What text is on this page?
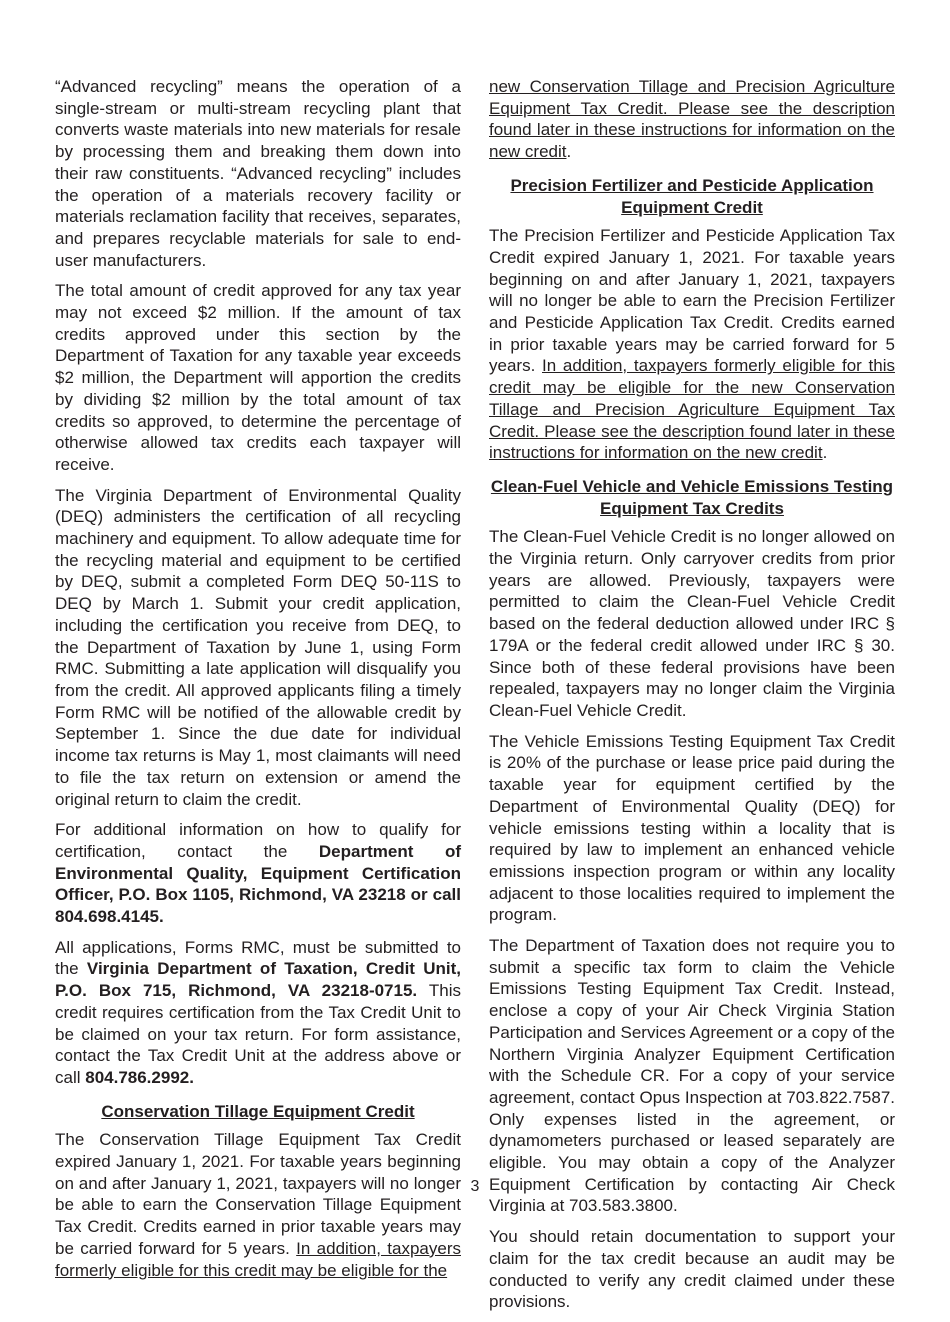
“Advanced recycling” means the operation of a single-stream or multi-stream recycling plant that converts waste materials into new materials for resale by processing them and breaking them down into their raw constituents. “Advanced recycling” includes the operation of a materials recovery facility or materials reclamation facility that receives, separates, and prepares recyclable materials for sale to end-user manufacturers.
The total amount of credit approved for any tax year may not exceed $2 million. If the amount of tax credits approved under this section by the Department of Taxation for any taxable year exceeds $2 million, the Department will apportion the credits by dividing $2 million by the total amount of tax credits so approved, to determine the percentage of otherwise allowed tax credits each taxpayer will receive.
The Virginia Department of Environmental Quality (DEQ) administers the certification of all recycling machinery and equipment. To allow adequate time for the recycling material and equipment to be certified by DEQ, submit a completed Form DEQ 50-11S to DEQ by March 1. Submit your credit application, including the certification you receive from DEQ, to the Department of Taxation by June 1, using Form RMC. Submitting a late application will disqualify you from the credit. All approved applicants filing a timely Form RMC will be notified of the allowable credit by September 1. Since the due date for individual income tax returns is May 1, most claimants will need to file the tax return on extension or amend the original return to claim the credit.
For additional information on how to qualify for certification, contact the Department of Environmental Quality, Equipment Certification Officer, P.O. Box 1105, Richmond, VA 23218 or call 804.698.4145.
All applications, Forms RMC, must be submitted to the Virginia Department of Taxation, Credit Unit, P.O. Box 715, Richmond, VA 23218-0715. This credit requires certification from the Tax Credit Unit to be claimed on your tax return. For form assistance, contact the Tax Credit Unit at the address above or call 804.786.2992.
Conservation Tillage Equipment Credit
The Conservation Tillage Equipment Tax Credit expired January 1, 2021. For taxable years beginning on and after January 1, 2021, taxpayers will no longer be able to earn the Conservation Tillage Equipment Tax Credit. Credits earned in prior taxable years may be carried forward for 5 years. In addition, taxpayers formerly eligible for this credit may be eligible for the
new Conservation Tillage and Precision Agriculture Equipment Tax Credit. Please see the description found later in these instructions for information on the new credit.
Precision Fertilizer and Pesticide Application Equipment Credit
The Precision Fertilizer and Pesticide Application Tax Credit expired January 1, 2021. For taxable years beginning on and after January 1, 2021, taxpayers will no longer be able to earn the Precision Fertilizer and Pesticide Application Tax Credit. Credits earned in prior taxable years may be carried forward for 5 years. In addition, taxpayers formerly eligible for this credit may be eligible for the new Conservation Tillage and Precision Agriculture Equipment Tax Credit. Please see the description found later in these instructions for information on the new credit.
Clean-Fuel Vehicle and Vehicle Emissions Testing Equipment Tax Credits
The Clean-Fuel Vehicle Credit is no longer allowed on the Virginia return. Only carryover credits from prior years are allowed. Previously, taxpayers were permitted to claim the Clean-Fuel Vehicle Credit based on the federal deduction allowed under IRC § 179A or the federal credit allowed under IRC § 30. Since both of these federal provisions have been repealed, taxpayers may no longer claim the Virginia Clean-Fuel Vehicle Credit.
The Vehicle Emissions Testing Equipment Tax Credit is 20% of the purchase or lease price paid during the taxable year for equipment certified by the Department of Environmental Quality (DEQ) for vehicle emissions testing within a locality that is required by law to implement an enhanced vehicle emissions inspection program or within any locality adjacent to those localities required to implement the program.
The Department of Taxation does not require you to submit a specific tax form to claim the Vehicle Emissions Testing Equipment Tax Credit. Instead, enclose a copy of your Air Check Virginia Station Participation and Services Agreement or a copy of the Northern Virginia Analyzer Equipment Certification with the Schedule CR. For a copy of your service agreement, contact Opus Inspection at 703.822.7587. Only expenses listed in the agreement, or dynamometers purchased or leased separately are eligible. You may obtain a copy of the Analyzer Equipment Certification by contacting Air Check Virginia at 703.583.3800.
You should retain documentation to support your claim for the tax credit because an audit may be conducted to verify any credit claimed under these provisions.
3
